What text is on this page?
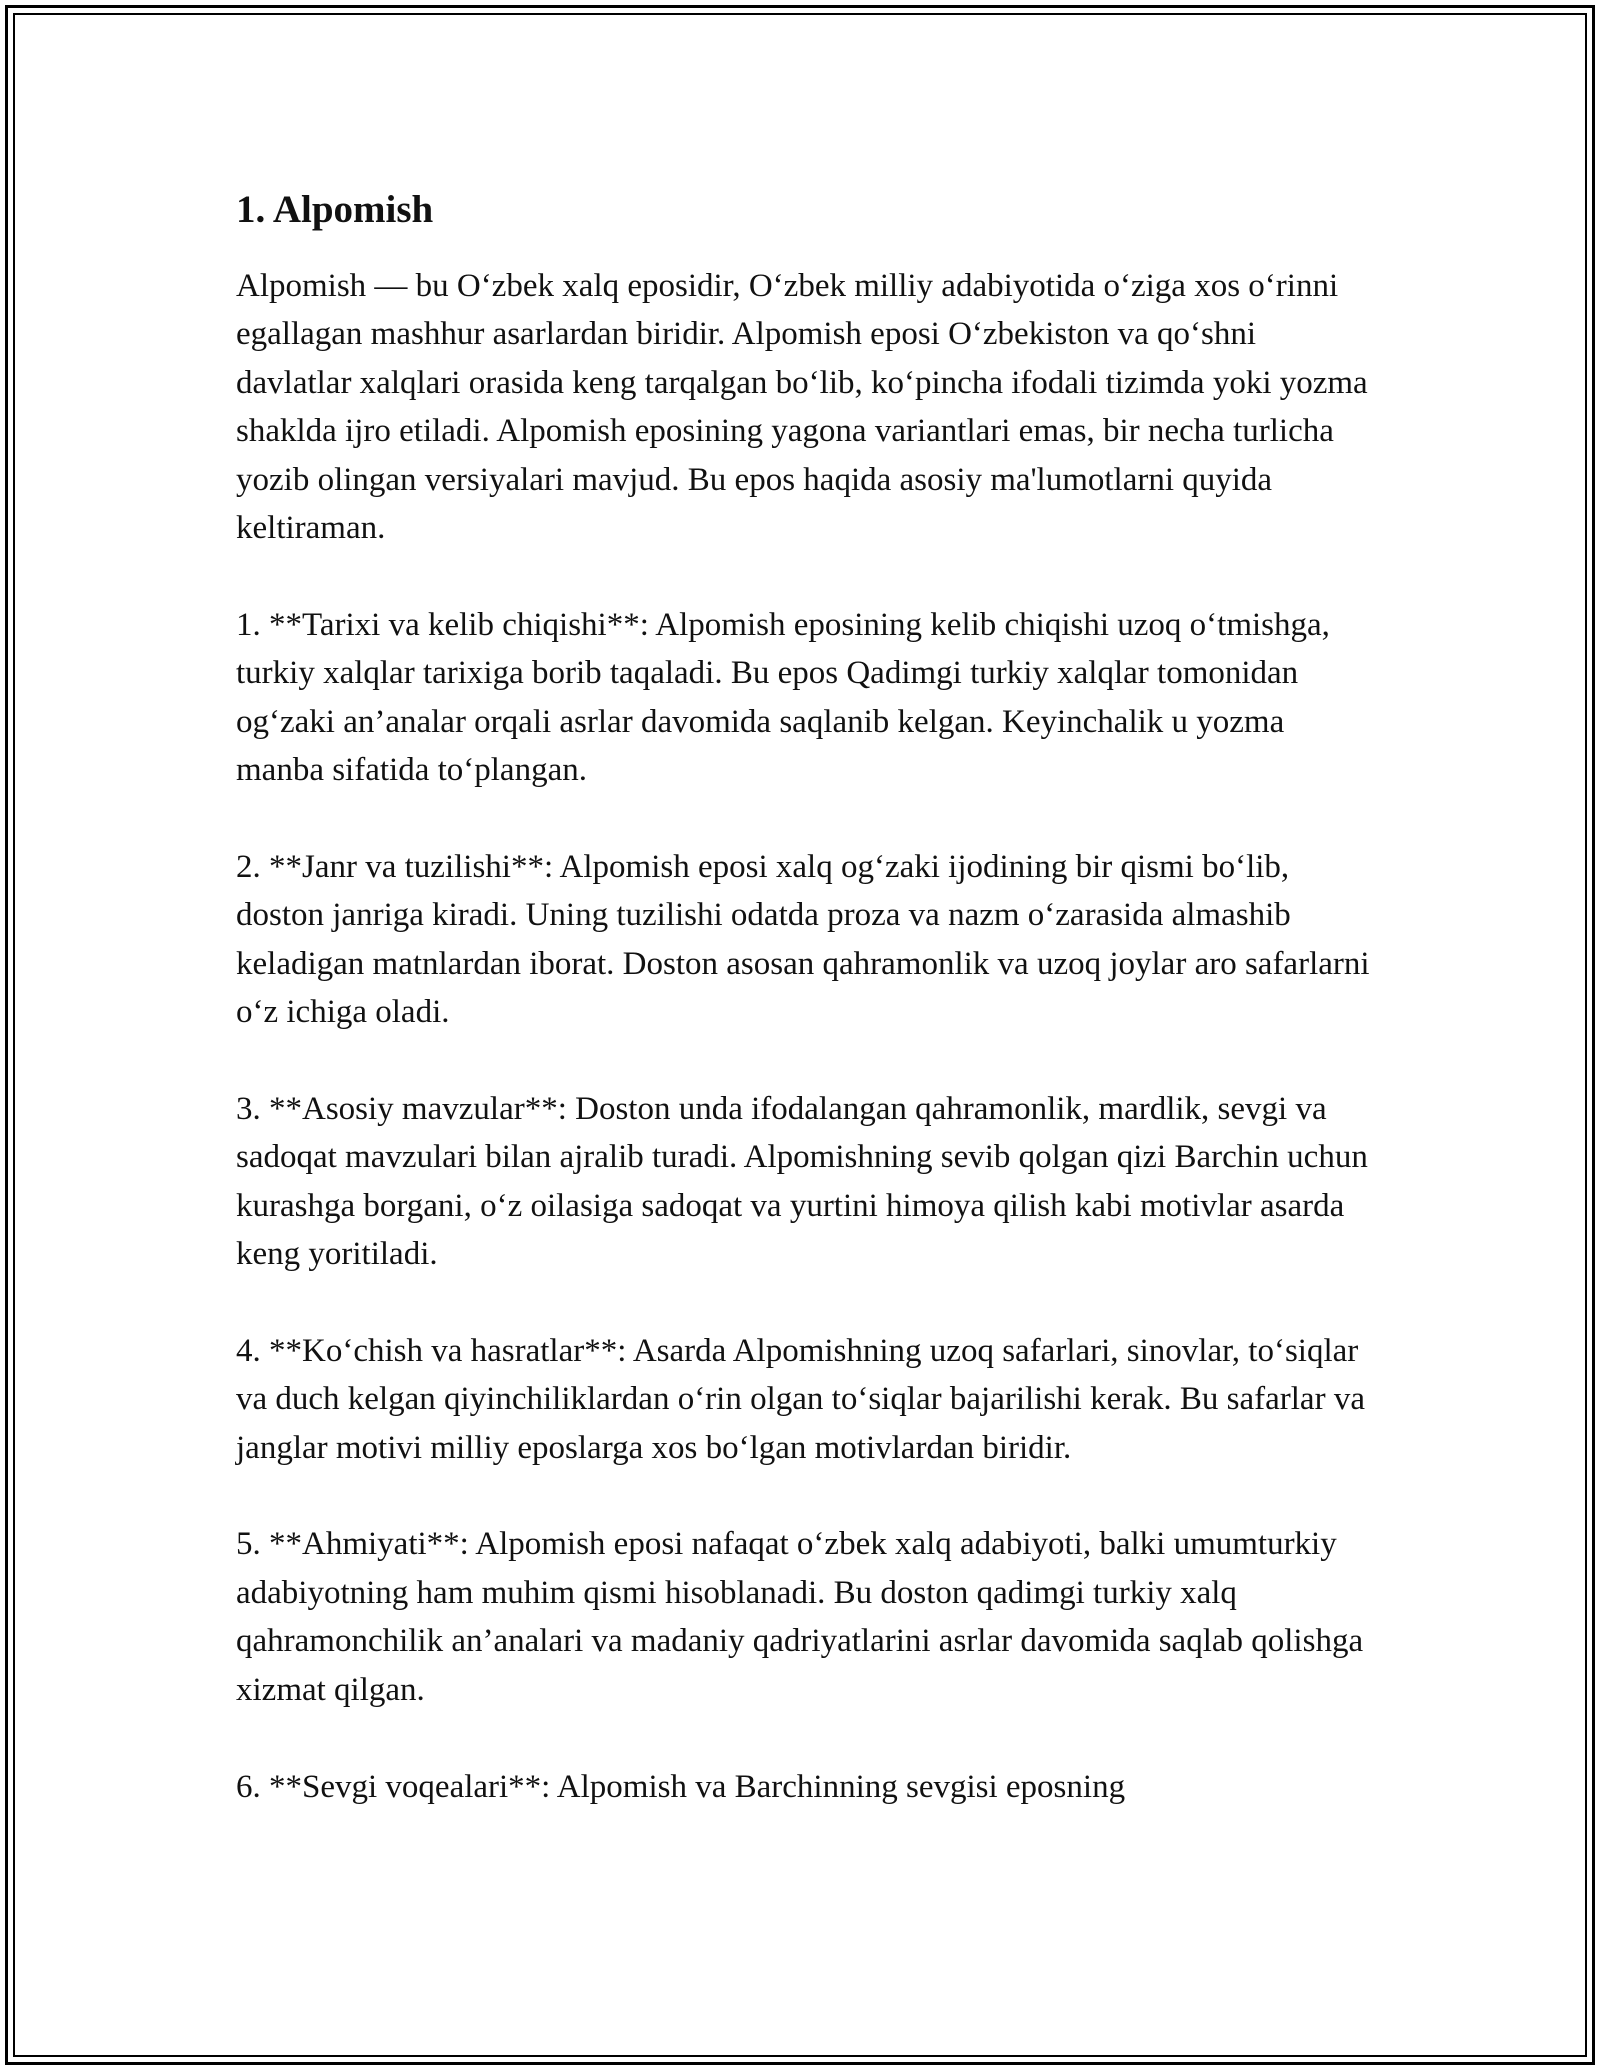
1. Alpomish

Alpomish — bu O‘zbek xalq eposidir, O‘zbek milliy adabiyotida o‘ziga xos o‘rinni egallagan mashhur asarlardan biridir. Alpomish eposi O‘zbekiston va qo‘shni davlatlar xalqlari orasida keng tarqalgan bo‘lib, ko‘pincha ifodali tizimda yoki yozma shaklda ijro etiladi. Alpomish eposining yagona variantlari emas, bir necha turlicha yozib olingan versiyalari mavjud. Bu epos haqida asosiy ma'lumotlarni quyida keltiraman.

1. **Tarixi va kelib chiqishi**: Alpomish eposining kelib chiqishi uzoq o‘tmishga, turkiy xalqlar tarixiga borib taqaladi. Bu epos Qadimgi turkiy xalqlar tomonidan og‘zaki an’analar orqali asrlar davomida saqlanib kelgan. Keyinchalik u yozma manba sifatida to‘plangan.

2. **Janr va tuzilishi**: Alpomish eposi xalq og‘zaki ijodining bir qismi bo‘lib, doston janriga kiradi. Uning tuzilishi odatda proza va nazm o‘zarasida almashib keladigan matnlardan iborat. Doston asosan qahramonlik va uzoq joylar aro safarlarni o‘z ichiga oladi.

3. **Asosiy mavzular**: Doston unda ifodalangan qahramonlik, mardlik, sevgi va sadoqat mavzulari bilan ajralib turadi. Alpomishning sevib qolgan qizi Barchin uchun kurashga borgani, o‘z oilasiga sadoqat va yurtini himoya qilish kabi motivlar asarda keng yoritiladi.

4. **Ko‘chish va hasratlar**: Asarda Alpomishning uzoq safarlari, sinovlar, to‘siqlar va duch kelgan qiyinchiliklardan o‘rin olgan to‘siqlar bajarilishi kerak. Bu safarlar va janglar motivi milliy eposlarga xos bo‘lgan motivlardan biridir.

5. **Ahmiyati**: Alpomish eposi nafaqat o‘zbek xalq adabiyoti, balki umumturkiy adabiyotning ham muhim qismi hisoblanadi. Bu doston qadimgi turkiy xalq qahramonchilik an’analari va madaniy qadriyatlarini asrlar davomida saqlab qolishga xizmat qilgan.

6. **Sevgi voqealari**: Alpomish va Barchinning sevgisi eposning
